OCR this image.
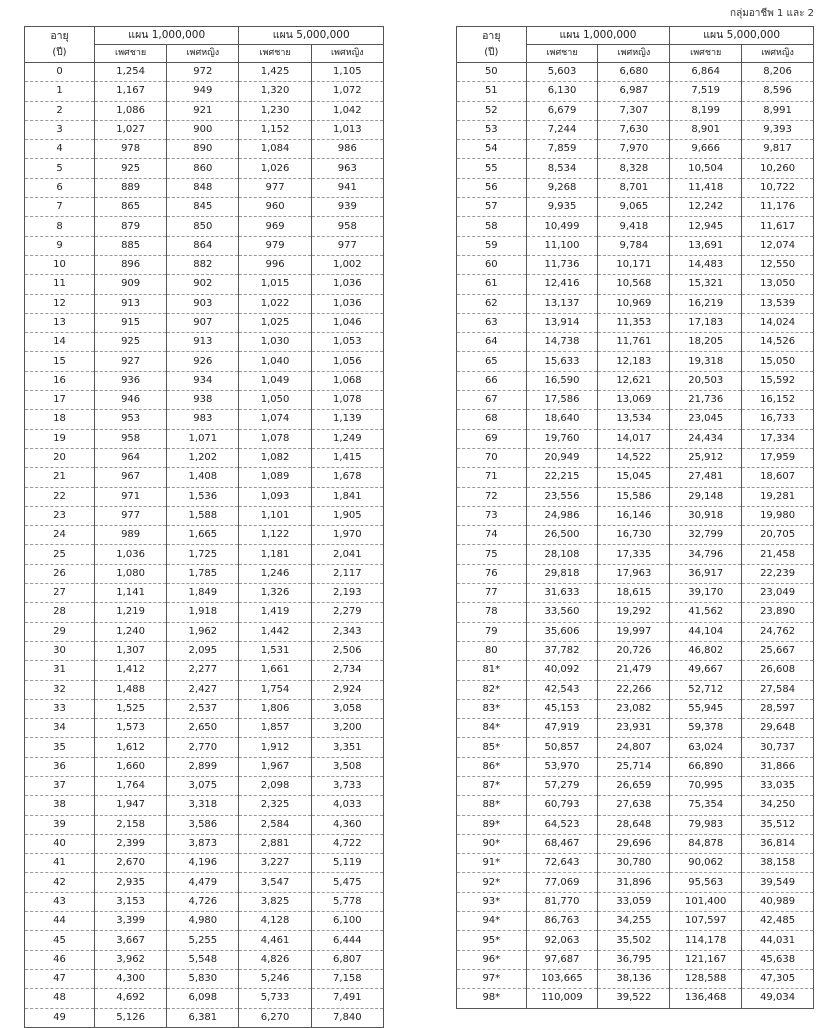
กลุ่มอาชีพ 1 และ 2
อายุ	แผน 1,000,000		แผน 5,000,000	
(ปี)	เพศชาย	เพศหญิง	เพศชาย	เพศหญิง
0	1,254	972	1,425	1,105
1	1,167	949	1,320	1,072
2	1,086	921	1,230	1,042
3	1,027	900	1,152	1,013
4	978	890	1,084	986
5	925	860	1,026	963
6	889	848	977	941
7	865	845	960	939
8	879	850	969	958
9	885	864	979	977
10	896	882	996	1,002
11	909	902	1,015	1,036
12	913	903	1,022	1,036
13	915	907	1,025	1,046
14	925	913	1,030	1,053
15	927	926	1,040	1,056
16	936	934	1,049	1,068
17	946	938	1,050	1,078
18	953	983	1,074	1,139
19	958	1,071	1,078	1,249
20	964	1,202	1,082	1,415
21	967	1,408	1,089	1,678
22	971	1,536	1,093	1,841
23	977	1,588	1,101	1,905
24	989	1,665	1,122	1,970
25	1,036	1,725	1,181	2,041
26	1,080	1,785	1,246	2,117
27	1,141	1,849	1,326	2,193
28	1,219	1,918	1,419	2,279
29	1,240	1,962	1,442	2,343
30	1,307	2,095	1,531	2,506
31	1,412	2,277	1,661	2,734
32	1,488	2,427	1,754	2,924
33	1,525	2,537	1,806	3,058
34	1,573	2,650	1,857	3,200
35	1,612	2,770	1,912	3,351
36	1,660	2,899	1,967	3,508
37	1,764	3,075	2,098	3,733
38	1,947	3,318	2,325	4,033
39	2,158	3,586	2,584	4,360
40	2,399	3,873	2,881	4,722
41	2,670	4,196	3,227	5,119
42	2,935	4,479	3,547	5,475
43	3,153	4,726	3,825	5,778
44	3,399	4,980	4,128	6,100
45	3,667	5,255	4,461	6,444
46	3,962	5,548	4,826	6,807
47	4,300	5,830	5,246	7,158
48	4,692	6,098	5,733	7,491
49	5,126	6,381	6,270	7,840
อายุ	แผน 1,000,000		แผน 5,000,000	
(ปี)	เพศชาย	เพศหญิง	เพศชาย	เพศหญิง
50	5,603	6,680	6,864	8,206
51	6,130	6,987	7,519	8,596
52	6,679	7,307	8,199	8,991
53	7,244	7,630	8,901	9,393
54	7,859	7,970	9,666	9,817
55	8,534	8,328	10,504	10,260
56	9,268	8,701	11,418	10,722
57	9,935	9,065	12,242	11,176
58	10,499	9,418	12,945	11,617
59	11,100	9,784	13,691	12,074
60	11,736	10,171	14,483	12,550
61	12,416	10,568	15,321	13,050
62	13,137	10,969	16,219	13,539
63	13,914	11,353	17,183	14,024
64	14,738	11,761	18,205	14,526
65	15,633	12,183	19,318	15,050
66	16,590	12,621	20,503	15,592
67	17,586	13,069	21,736	16,152
68	18,640	13,534	23,045	16,733
69	19,760	14,017	24,434	17,334
70	20,949	14,522	25,912	17,959
71	22,215	15,045	27,481	18,607
72	23,556	15,586	29,148	19,281
73	24,986	16,146	30,918	19,980
74	26,500	16,730	32,799	20,705
75	28,108	17,335	34,796	21,458
76	29,818	17,963	36,917	22,239
77	31,633	18,615	39,170	23,049
78	33,560	19,292	41,562	23,890
79	35,606	19,997	44,104	24,762
80	37,782	20,726	46,802	25,667
81*	40,092	21,479	49,667	26,608
82*	42,543	22,266	52,712	27,584
83*	45,153	23,082	55,945	28,597
84*	47,919	23,931	59,378	29,648
85*	50,857	24,807	63,024	30,737
86*	53,970	25,714	66,890	31,866
87*	57,279	26,659	70,995	33,035
88*	60,793	27,638	75,354	34,250
89*	64,523	28,648	79,983	35,512
90*	68,467	29,696	84,878	36,814
91*	72,643	30,780	90,062	38,158
92*	77,069	31,896	95,563	39,549
93*	81,770	33,059	101,400	40,989
94*	86,763	34,255	107,597	42,485
95*	92,063	35,502	114,178	44,031
96*	97,687	36,795	121,167	45,638
97*	103,665	38,136	128,588	47,305
98*	110,009	39,522	136,468	49,034
